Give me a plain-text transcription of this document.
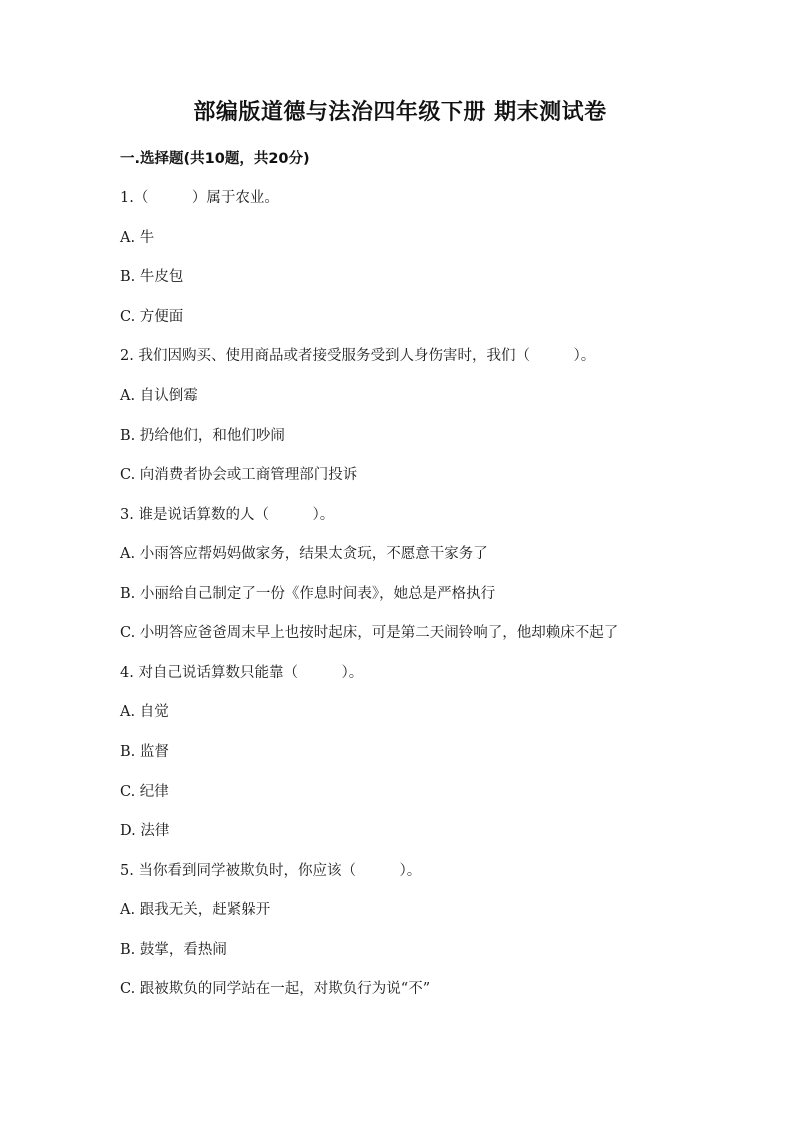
部编版道德与法治四年级下册 期末测试卷
一.选择题(共10题，共20分)
1.（　　　）属于农业。
A. 牛
B. 牛皮包
C. 方便面
2. 我们因购买、使用商品或者接受服务受到人身伤害时，我们（　　　）。
A. 自认倒霉
B. 扔给他们，和他们吵闹
C. 向消费者协会或工商管理部门投诉
3. 谁是说话算数的人（　　　）。
A. 小雨答应帮妈妈做家务，结果太贪玩，不愿意干家务了
B. 小丽给自己制定了一份《作息时间表》，她总是严格执行
C. 小明答应爸爸周末早上也按时起床，可是第二天闹铃响了，他却赖床不起了
4. 对自己说话算数只能靠（　　　）。
A. 自觉
B. 监督
C. 纪律
D. 法律
5. 当你看到同学被欺负时，你应该（　　　）。
A. 跟我无关，赶紧躲开
B. 鼓掌，看热闹
C. 跟被欺负的同学站在一起，对欺负行为说“不”
